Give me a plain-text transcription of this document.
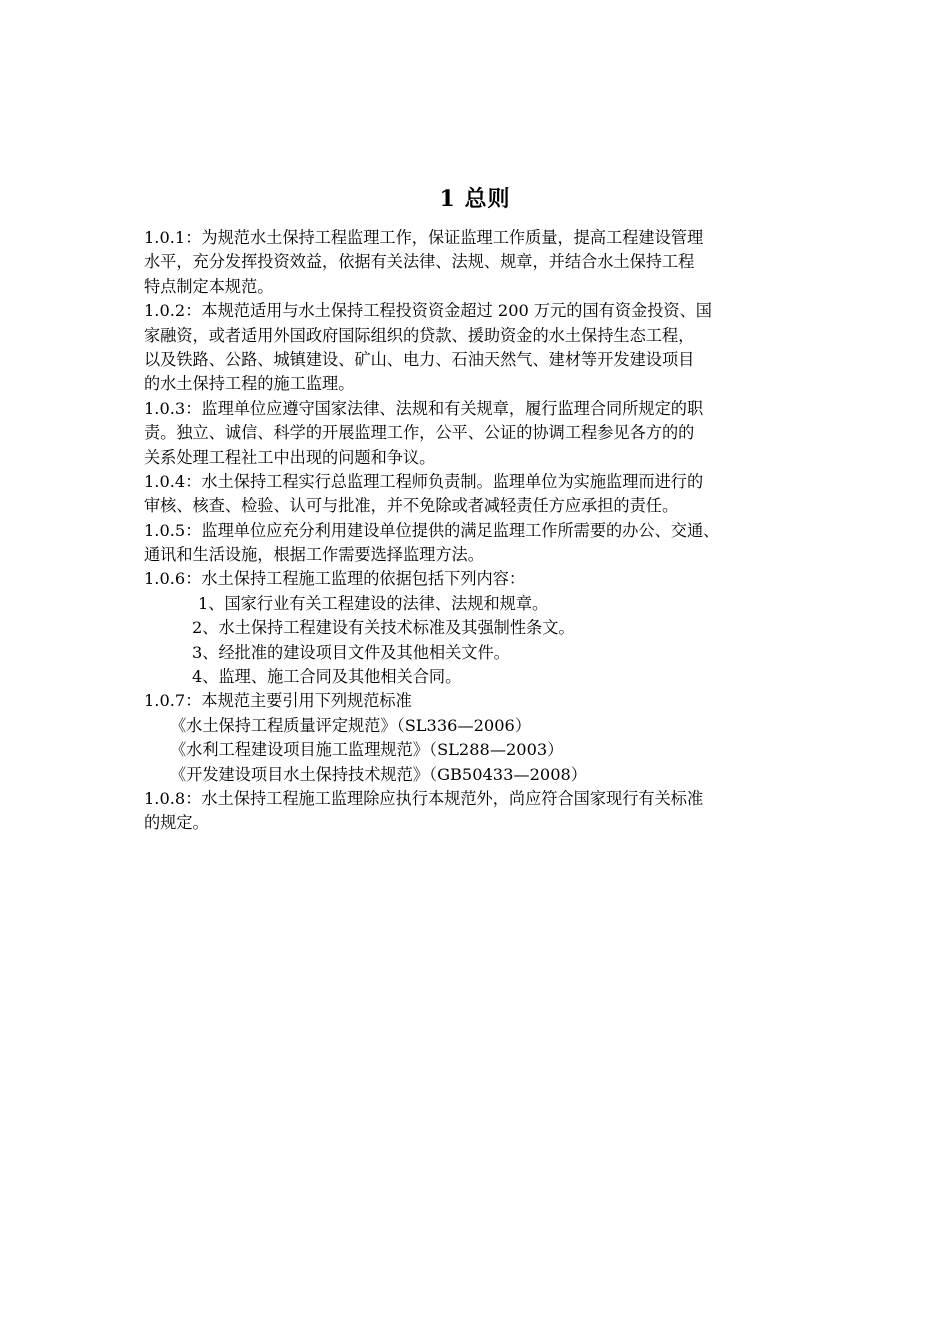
1 总则
1.0.1：为规范水土保持工程监理工作，保证监理工作质量，提高工程建设管理
水平，充分发挥投资效益，依据有关法律、法规、规章，并结合水土保持工程
特点制定本规范。
1.0.2：本规范适用与水土保持工程投资资金超过 200 万元的国有资金投资、国
家融资，或者适用外国政府国际组织的贷款、援助资金的水土保持生态工程，
以及铁路、公路、城镇建设、矿山、电力、石油天然气、建材等开发建设项目
的水土保持工程的施工监理。
1.0.3：监理单位应遵守国家法律、法规和有关规章，履行监理合同所规定的职
责。独立、诚信、科学的开展监理工作，公平、公证的协调工程参见各方的的
关系处理工程社工中出现的问题和争议。
1.0.4：水土保持工程实行总监理工程师负责制。监理单位为实施监理而进行的
审核、核查、检验、认可与批准，并不免除或者减轻责任方应承担的责任。
1.0.5：监理单位应充分利用建设单位提供的满足监理工作所需要的办公、交通、
通讯和生活设施，根据工作需要选择监理方法。
1.0.6：水土保持工程施工监理的依据包括下列内容：
1、国家行业有关工程建设的法律、法规和规章。
2、水土保持工程建设有关技术标准及其强制性条文。
3、经批准的建设项目文件及其他相关文件。
4、监理、施工合同及其他相关合同。
1.0.7：本规范主要引用下列规范标准
《水土保持工程质量评定规范》（SL336—2006）
《水利工程建设项目施工监理规范》（SL288—2003）
《开发建设项目水土保持技术规范》（GB50433—2008）
1.0.8：水土保持工程施工监理除应执行本规范外，尚应符合国家现行有关标准
的规定。
